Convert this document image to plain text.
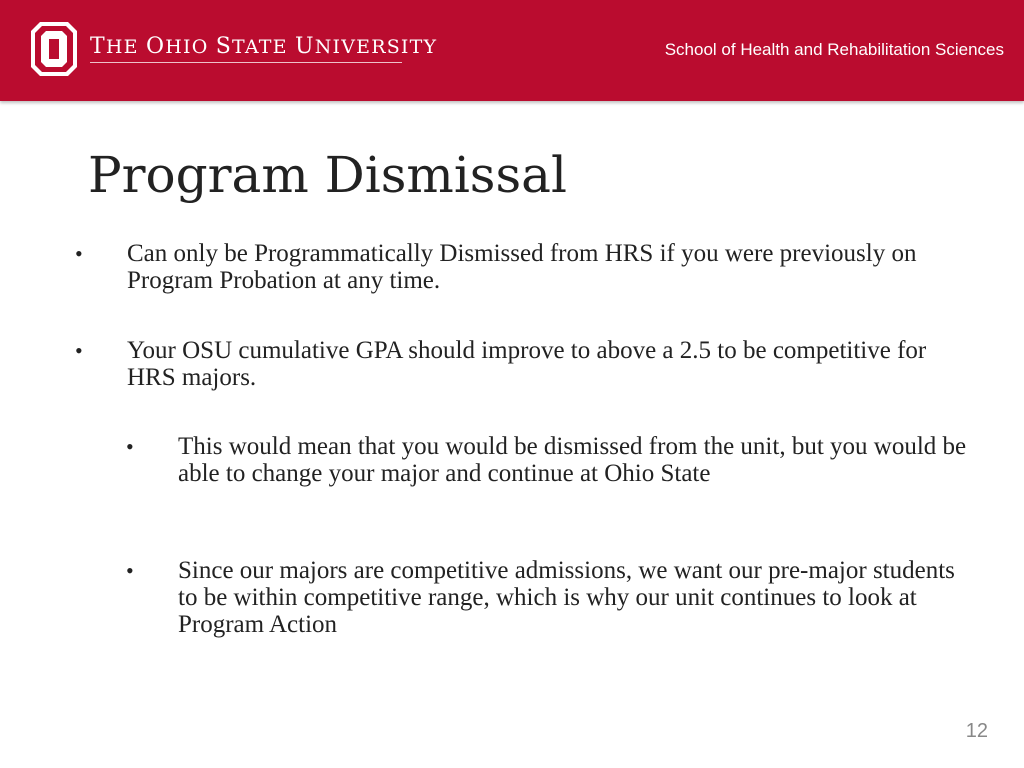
THE OHIO STATE UNIVERSITY	School of Health and Rehabilitation Sciences
Program Dismissal
• Can only be Programmatically Dismissed from HRS if you were previously on Program Probation at any time.
• Your OSU cumulative GPA should improve to above a 2.5 to be competitive for HRS majors.
• This would mean that you would be dismissed from the unit, but you would be able to change your major and continue at Ohio State
• Since our majors are competitive admissions, we want our pre-major students to be within competitive range, which is why our unit continues to look at Program Action
12
